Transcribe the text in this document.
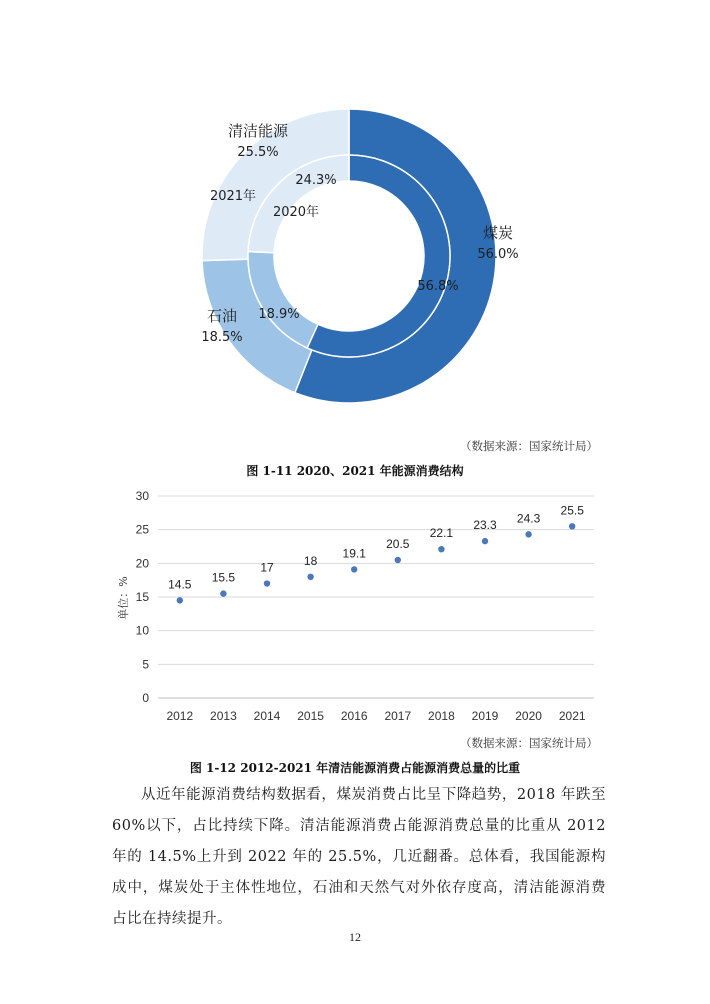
清洁能源
25.5%
2021年
24.3%
2020年
煤炭
56.0%
56.8%
石油
18.5%
18.9%
（数据来源：国家统计局）
图 1-11 2020、2021 年能源消费结构
0
5
10
15
20
25
30
2012 2013 2014 2015 2016 2017 2018 2019 2020 2021
14.5 15.5
17	18
19.1
20.5
22.1
23.3 24.3
25.5
单位：%
（数据来源：国家统计局）
图 1-12 2012-2021 年清洁能源消费占能源消费总量的比重

从近年能源消费结构数据看，煤炭消费占比呈下降趋势，2018 年跌至 60%以下，占比持续下降。清洁能源消费占能源消费总量的比重从 2012 年的 14.5%上升到 2022 年的 25.5%，几近翻番。总体看，我国能源构成中，煤炭处于主体性地位，石油和天然气对外依存度高，清洁能源消费占比在持续提升。

12
